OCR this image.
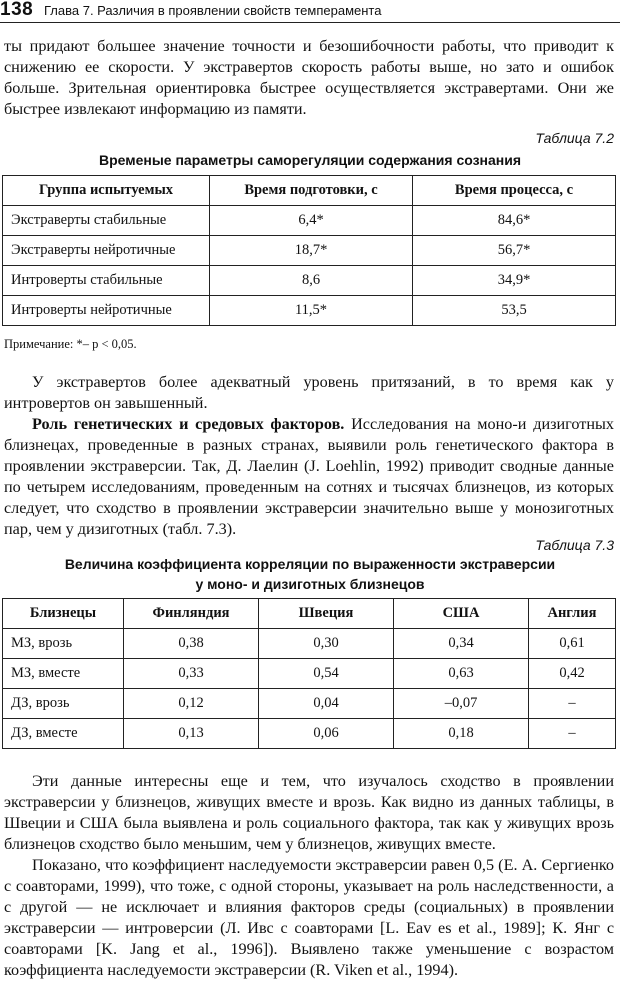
138 Глава 7. Различия в проявлении свойств темперамента

ты придают большее значение точности и безошибочности работы, что приводит к снижению ее скорости. У экстравертов скорость работы выше, но зато и ошибок больше. Зрительная ориентировка быстрее осуществляется экстравертами. Они же быстрее извлекают информацию из памяти.

Таблица 7.2
Временые параметры саморегуляции содержания сознания
Группа испытуемых	Время подготовки, с	Время процесса, с
Экстраверты стабильные	6,4*	84,6*
Экстраверты нейротичные	18,7*	56,7*
Интроверты стабильные	8,6	34,9*
Интроверты нейротичные	11,5*	53,5
Примечание: *– p < 0,05.

У экстравертов более адекватный уровень притязаний, в то время как у интровертов он завышенный.

Роль генетических и средовых факторов. Исследования на моно-и дизиготных близнецах, проведенные в разных странах, выявили роль генетического фактора в проявлении экстраверсии. Так, Д. Лаелин (J. Loehlin, 1992) приводит сводные данные по четырем исследованиям, проведенным на сотнях и тысячах близнецов, из которых следует, что сходство в проявлении экстраверсии значительно выше у монозиготных пар, чем у дизиготных (табл. 7.3).

Таблица 7.3
Величина коэффициента корреляции по выраженности экстраверсии
у моно- и дизиготных близнецов
Близнецы	Финляндия	Швеция	США	Англия
МЗ, врозь	0,38	0,30	0,34	0,61
МЗ, вместе	0,33	0,54	0,63	0,42
ДЗ, врозь	0,12	0,04	–0,07	–
ДЗ, вместе	0,13	0,06	0,18	–

Эти данные интересны еще и тем, что изучалось сходство в проявлении экстраверсии у близнецов, живущих вместе и врозь. Как видно из данных таблицы, в Швеции и США была выявлена и роль социального фактора, так как у живущих врозь близнецов сходство было меньшим, чем у близнецов, живущих вместе.

Показано, что коэффициент наследуемости экстраверсии равен 0,5 (Е. А. Сергиенко с соавторами, 1999), что тоже, с одной стороны, указывает на роль наследственности, а с другой — не исключает и влияния факторов среды (социальных) в проявлении экстраверсии — интроверсии (Л. Ивс с соавторами [L. Eav es et al., 1989]; К. Янг с соавторами [K. Jang et al., 1996]). Выявлено также уменьшение с возрастом коэффициента наследуемости экстраверсии (R. Viken et al., 1994).
